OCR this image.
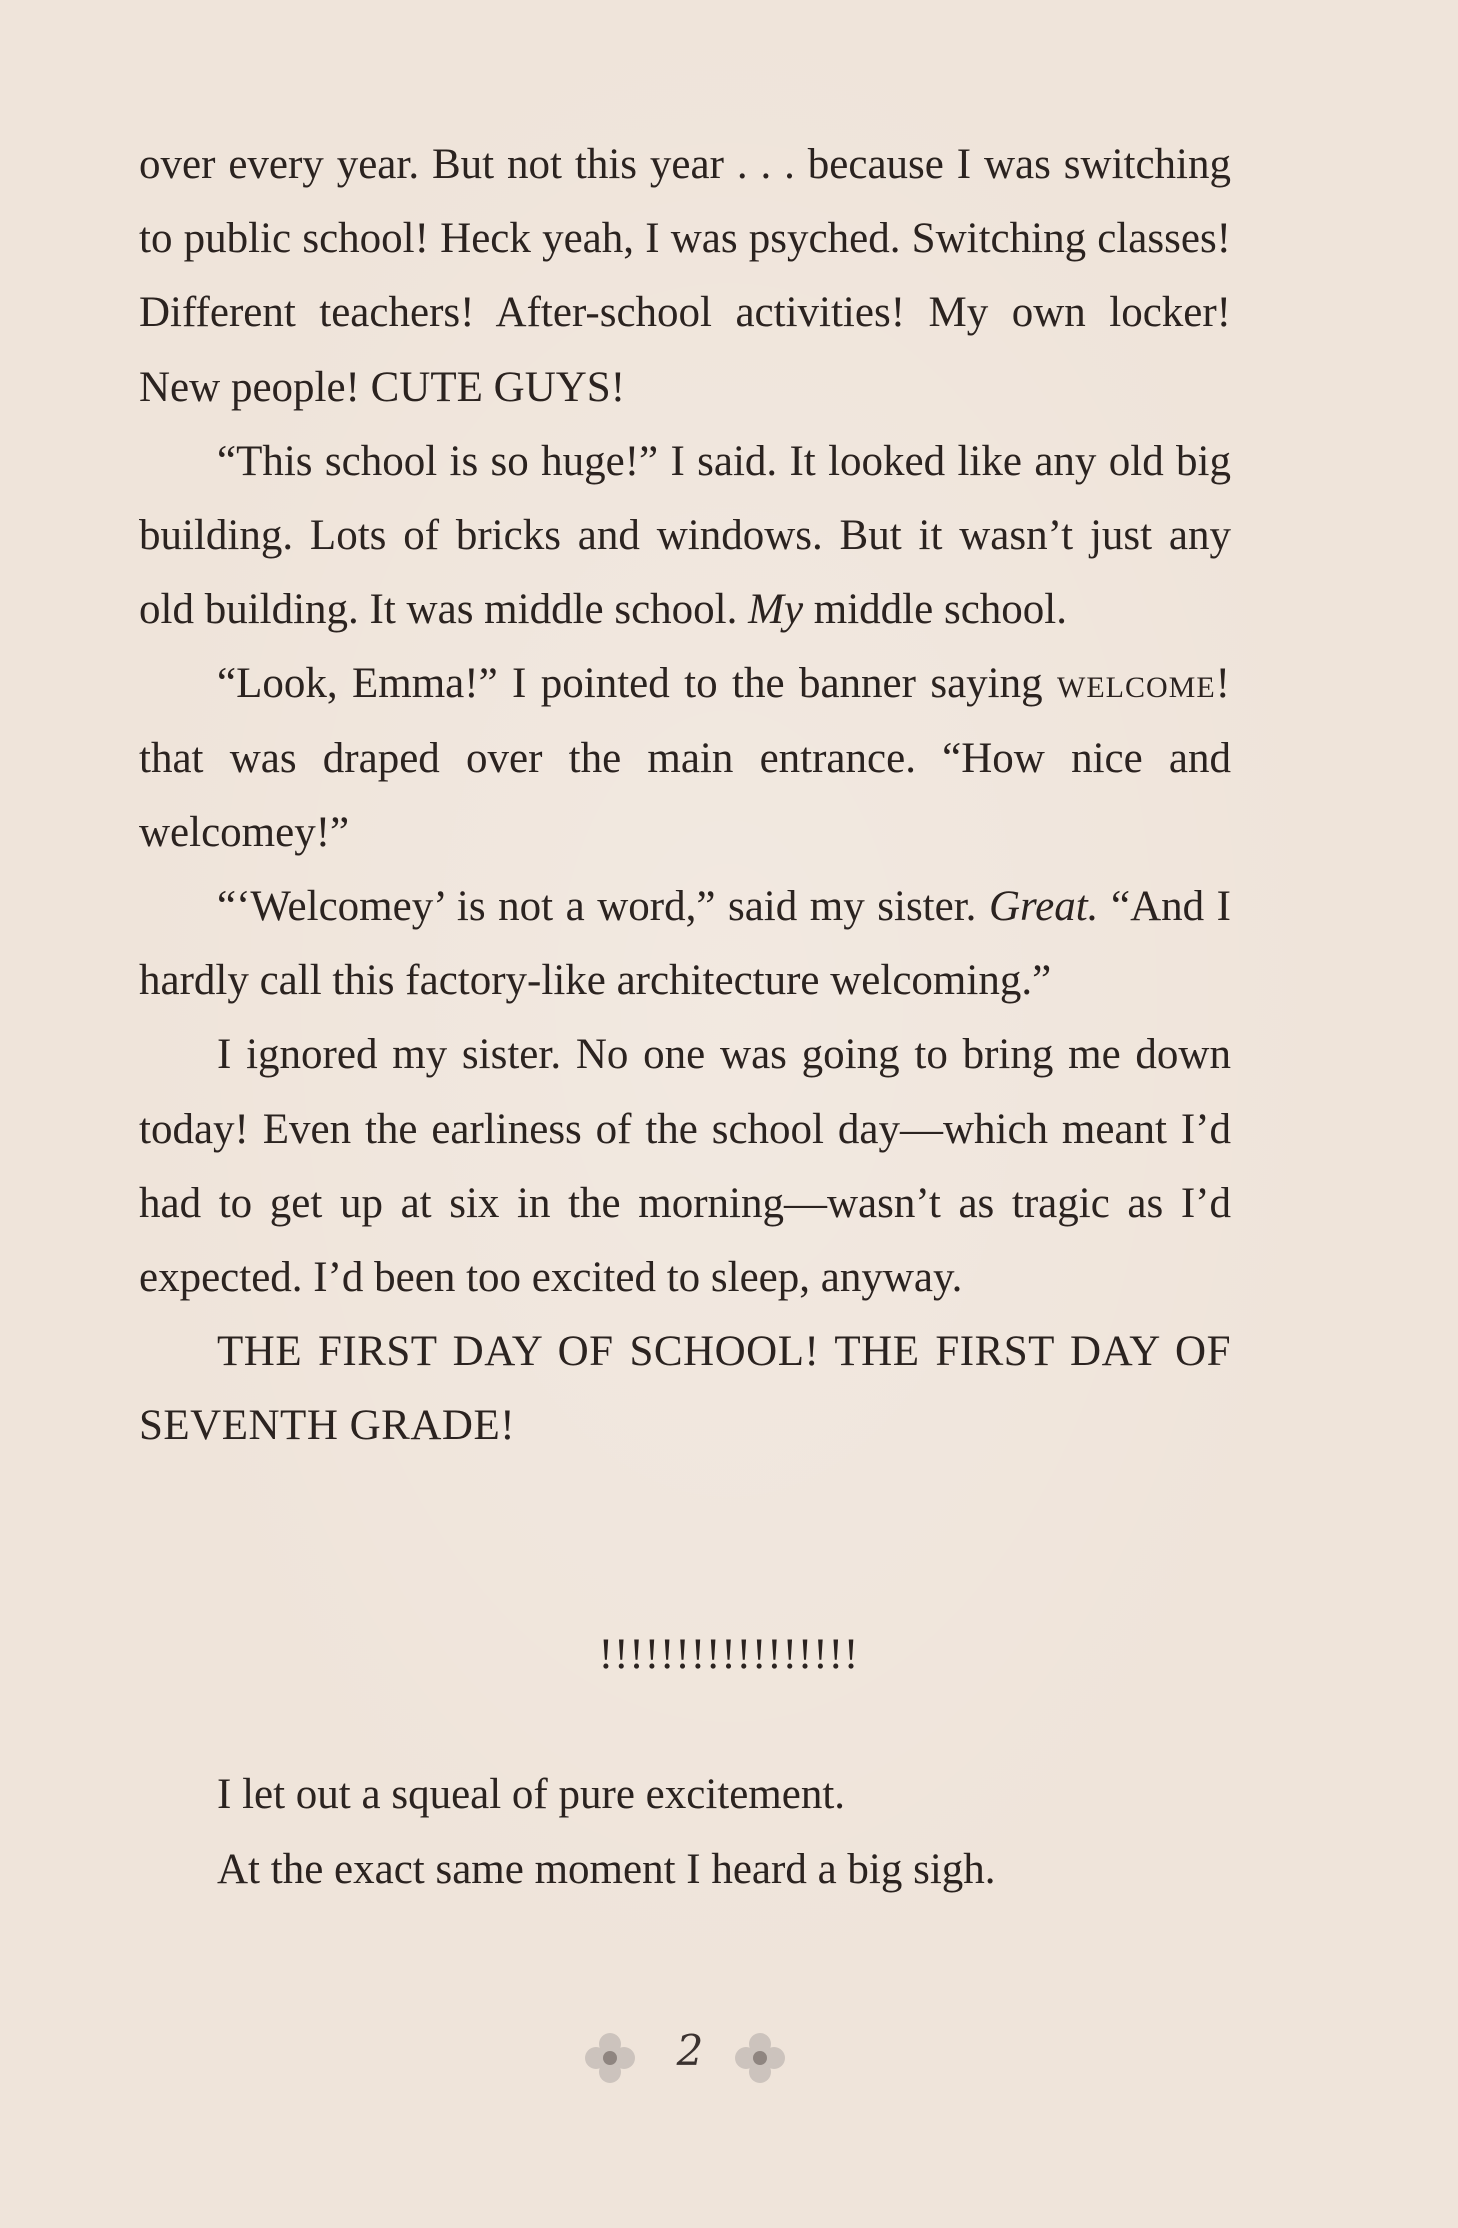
over every year. But not this year . . . because I was switching to public school! Heck yeah, I was psyched. Switching classes! Different teachers! After-school activities! My own locker! New people! CUTE GUYS!

“This school is so huge!” I said. It looked like any old big building. Lots of bricks and windows. But it wasn’t just any old building. It was middle school. My middle school.

“Look, Emma!” I pointed to the banner saying welcome! that was draped over the main entrance. “How nice and welcomey!”

“‘Welcomey’ is not a word,” said my sister. Great. “And I hardly call this factory-like architecture welcoming.”

I ignored my sister. No one was going to bring me down today! Even the earliness of the school day—which meant I’d had to get up at six in the morning—wasn’t as tragic as I’d expected. I’d been too excited to sleep, anyway.

THE FIRST DAY OF SCHOOL! THE FIRST DAY OF SEVENTH GRADE!

!!!!!!!!!!!!!!!!!

I let out a squeal of pure excitement.

At the exact same moment I heard a big sigh.

2
